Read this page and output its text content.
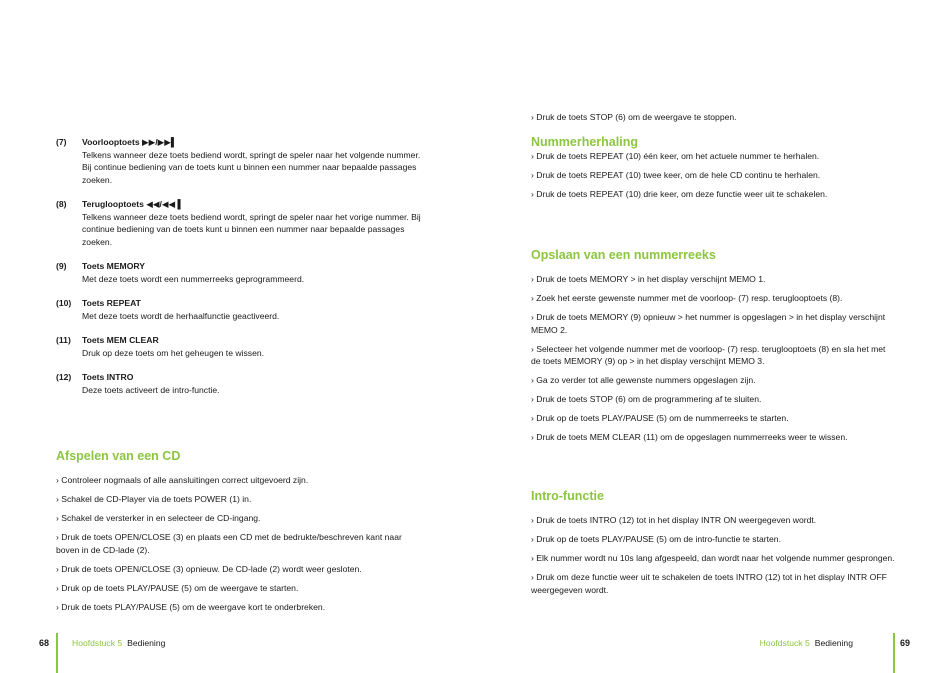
(7) Voorlooptoets ▶▶/▶▶▌
Telkens wanneer deze toets bediend wordt, springt de speler naar het volgende nummer. Bij continue bediening van de toets kunt u binnen een nummer naar bepaalde passages zoeken.
(8) Teruglooptoets ◀◀/◀◀ ▌
Telkens wanneer deze toets bediend wordt, springt de speler naar het vorige nummer. Bij continue bediening van de toets kunt u binnen een nummer naar bepaalde passages zoeken.
(9) Toets MEMORY
Met deze toets wordt een nummerreeks geprogrammeerd.
(10) Toets REPEAT
Met deze toets wordt de herhaalfunctie geactiveerd.
(11) Toets MEM CLEAR
Druk op deze toets om het geheugen te wissen.
(12) Toets INTRO
Deze toets activeert de intro-functie.
Afspelen van een CD
› Controleer nogmaals of alle aansluitingen correct uitgevoerd zijn.
› Schakel de CD-Player via de toets POWER (1) in.
› Schakel de versterker in en selecteer de CD-ingang.
› Druk de toets OPEN/CLOSE (3) en plaats een CD met de bedrukte/beschreven kant naar boven in de CD-lade (2).
› Druk de toets OPEN/CLOSE (3) opnieuw. De CD-lade (2) wordt weer gesloten.
› Druk op de toets PLAY/PAUSE (5) om de weergave te starten.
› Druk de toets PLAY/PAUSE (5) om de weergave kort te onderbreken.
› Druk de toets STOP (6) om de weergave te stoppen.
Nummerherhaling
› Druk de toets REPEAT (10) één keer, om het actuele nummer te herhalen.
› Druk de toets REPEAT (10) twee keer, om de hele CD continu te herhalen.
› Druk de toets REPEAT (10) drie keer, om deze functie weer uit te schakelen.
Opslaan van een nummerreeks
› Druk de toets MEMORY > in het display verschijnt MEMO 1.
› Zoek het eerste gewenste nummer met de voorloop- (7) resp. teruglooptoets (8).
› Druk de toets MEMORY (9) opnieuw > het nummer is opgeslagen > in het display verschijnt MEMO 2.
› Selecteer het volgende nummer met de voorloop- (7) resp. teruglooptoets (8) en sla het met de toets MEMORY (9) op > in het display verschijnt MEMO 3.
› Ga zo verder tot alle gewenste nummers opgeslagen zijn.
› Druk de toets STOP (6) om de programmering af te sluiten.
› Druk op de toets PLAY/PAUSE (5) om de nummerreeks te starten.
› Druk de toets MEM CLEAR (11) om de opgeslagen nummerreeks weer te wissen.
Intro-functie
› Druk de toets INTRO (12) tot in het display INTR ON weergegeven wordt.
› Druk op de toets PLAY/PAUSE (5) om de intro-functie te starten.
› Elk nummer wordt nu 10s lang afgespeeld, dan wordt naar het volgende nummer gesprongen.
› Druk om deze functie weer uit te schakelen de toets INTRO (12) tot in het display INTR OFF weergegeven wordt.
68	Hoofdstuck 5 Bediening	Hoofdstuck 5 Bediening	69
